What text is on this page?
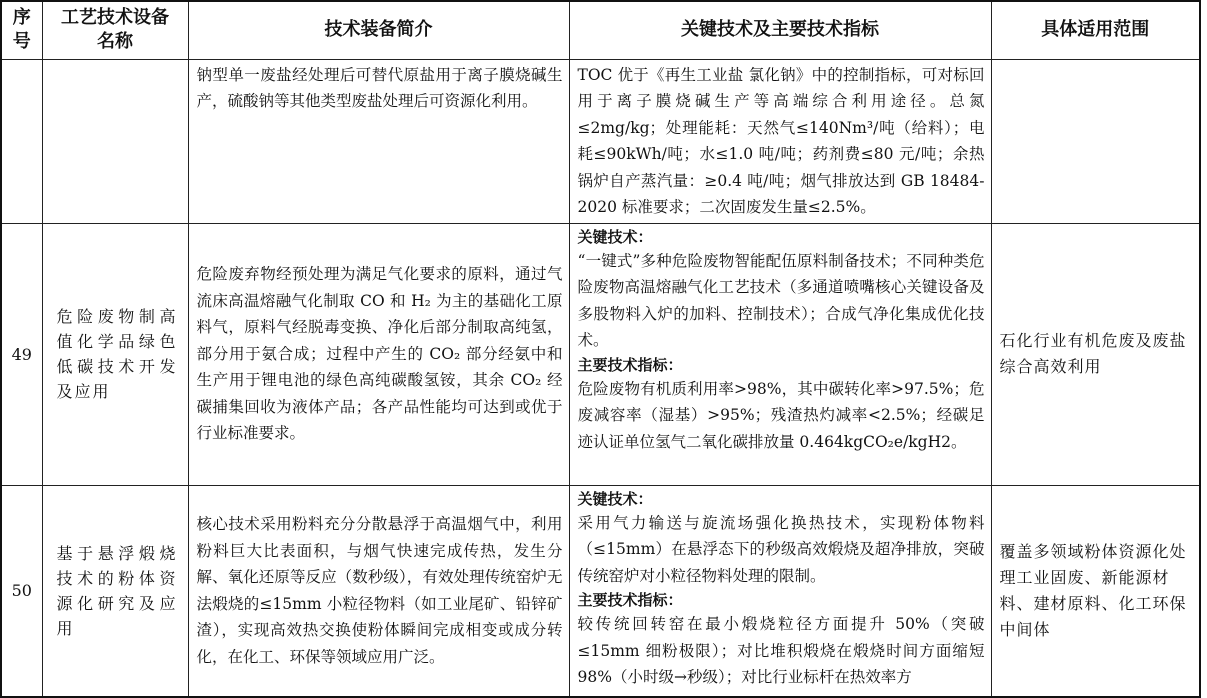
序号	工艺技术设备名称	技术装备简介	关键技术及主要技术指标	具体适用范围
		钠型单一废盐经处理后可替代原盐用于离子膜烧碱生产，硫酸钠等其他类型废盐处理后可资源化利用。	TOC 优于《再生工业盐 氯化钠》中的控制指标，可对标回用于离子膜烧碱生产等高端综合利用途径。总氮≤2mg/kg；处理能耗：天然气≤140Nm³/吨（给料）；电耗≤90kWh/吨；水≤1.0 吨/吨；药剂费≤80 元/吨；余热锅炉自产蒸汽量：≥0.4 吨/吨；烟气排放达到 GB 18484-2020 标准要求；二次固废发生量≤2.5%。	

49	危险废物制高值化学品绿色低碳技术开发及应用	危险废弃物经预处理为满足气化要求的原料，通过气流床高温熔融气化制取 CO 和 H₂ 为主的基础化工原料气，原料气经脱毒变换、净化后部分制取高纯氢，部分用于氨合成；过程中产生的 CO₂ 部分经氨中和生产用于锂电池的绿色高纯碳酸氢铵，其余 CO₂ 经碳捕集回收为液体产品；各产品性能均可达到或优于行业标准要求。	关键技术：
“一键式”多种危险废物智能配伍原料制备技术；不同种类危险废物高温熔融气化工艺技术（多通道喷嘴核心关键设备及多股物料入炉的加料、控制技术）；合成气净化集成优化技术。
主要技术指标：
危险废物有机质利用率>98%，其中碳转化率>97.5%；危废减容率（湿基）>95%；残渣热灼减率<2.5%；经碳足迹认证单位氢气二氧化碳排放量 0.464kgCO₂e/kgH2。	石化行业有机危废及废盐综合高效利用
50	基于悬浮煅烧技术的粉体资源化研究及应用	核心技术采用粉料充分分散悬浮于高温烟气中，利用粉料巨大比表面积，与烟气快速完成传热，发生分解、氧化还原等反应（数秒级），有效处理传统窑炉无法煅烧的≤15mm 小粒径物料（如工业尾矿、铅锌矿渣），实现高效热交换使粉体瞬间完成相变或成分转化，在化工、环保等领域应用广泛。	关键技术：
采用气力输送与旋流场强化换热技术，实现粉体物料（≤15mm）在悬浮态下的秒级高效煅烧及超净排放，突破传统窑炉对小粒径物料处理的限制。
主要技术指标：
较传统回转窑在最小煅烧粒径方面提升 50%（突破≤15mm 细粉极限）；对比堆积煅烧在煅烧时间方面缩短 98%（小时级→秒级）；对比行业标杆在热效率方	覆盖多领域粉体资源化处理工业固废、新能源材料、建材原料、化工环保中间体
